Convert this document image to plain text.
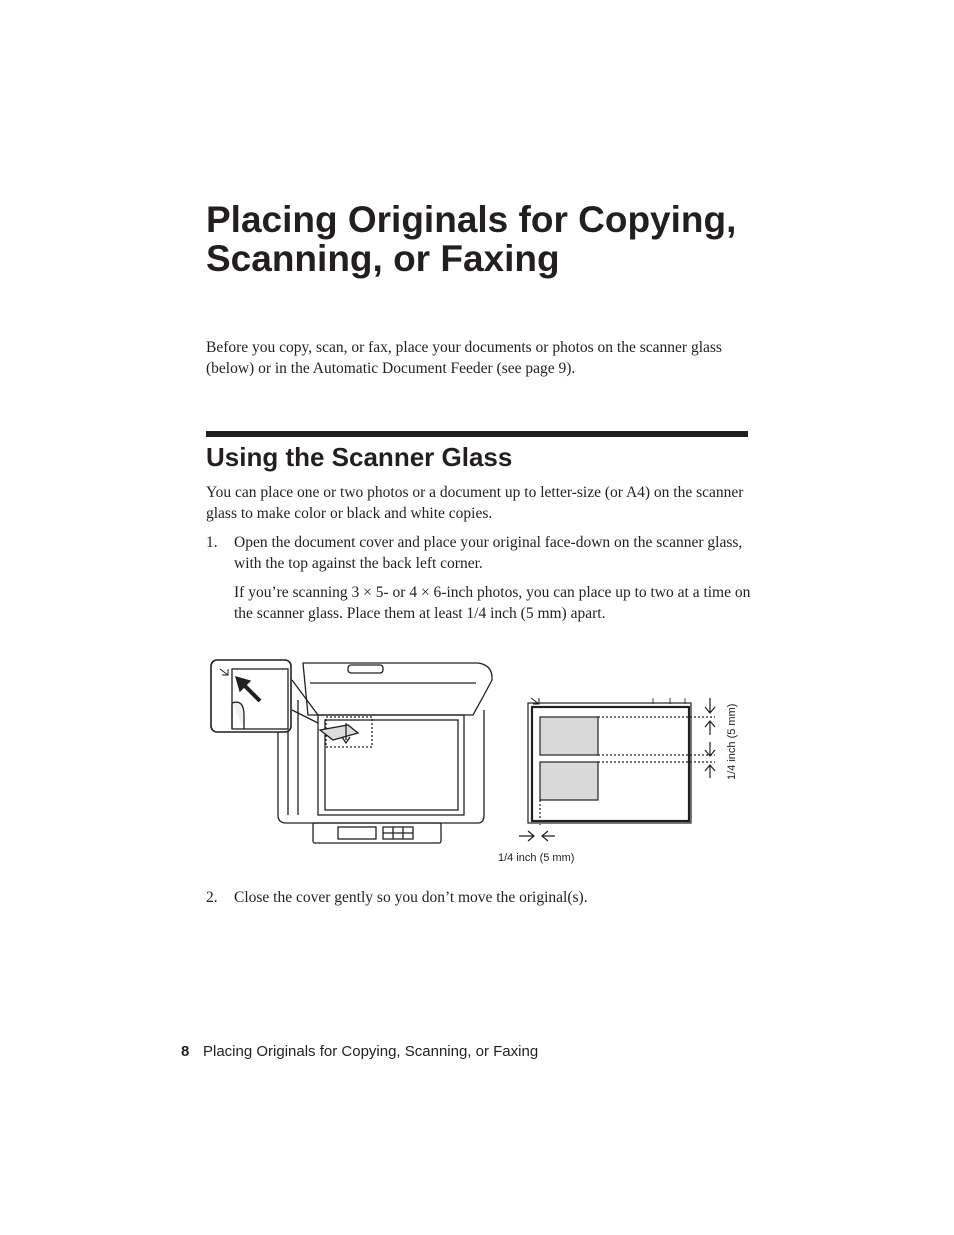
Placing Originals for Copying, Scanning, or Faxing

Before you copy, scan, or fax, place your documents or photos on the scanner glass (below) or in the Automatic Document Feeder (see page 9).

Using the Scanner Glass

You can place one or two photos or a document up to letter-size (or A4) on the scanner glass to make color or black and white copies.

1. Open the document cover and place your original face-down on the scanner glass, with the top against the back left corner.

If you’re scanning 3 × 5- or 4 × 6-inch photos, you can place up to two at a time on the scanner glass. Place them at least 1/4 inch (5 mm) apart.

1/4 inch (5 mm)
1/4 inch (5 mm)
2. Close the cover gently so you don’t move the original(s).

8 Placing Originals for Copying, Scanning, or Faxing
